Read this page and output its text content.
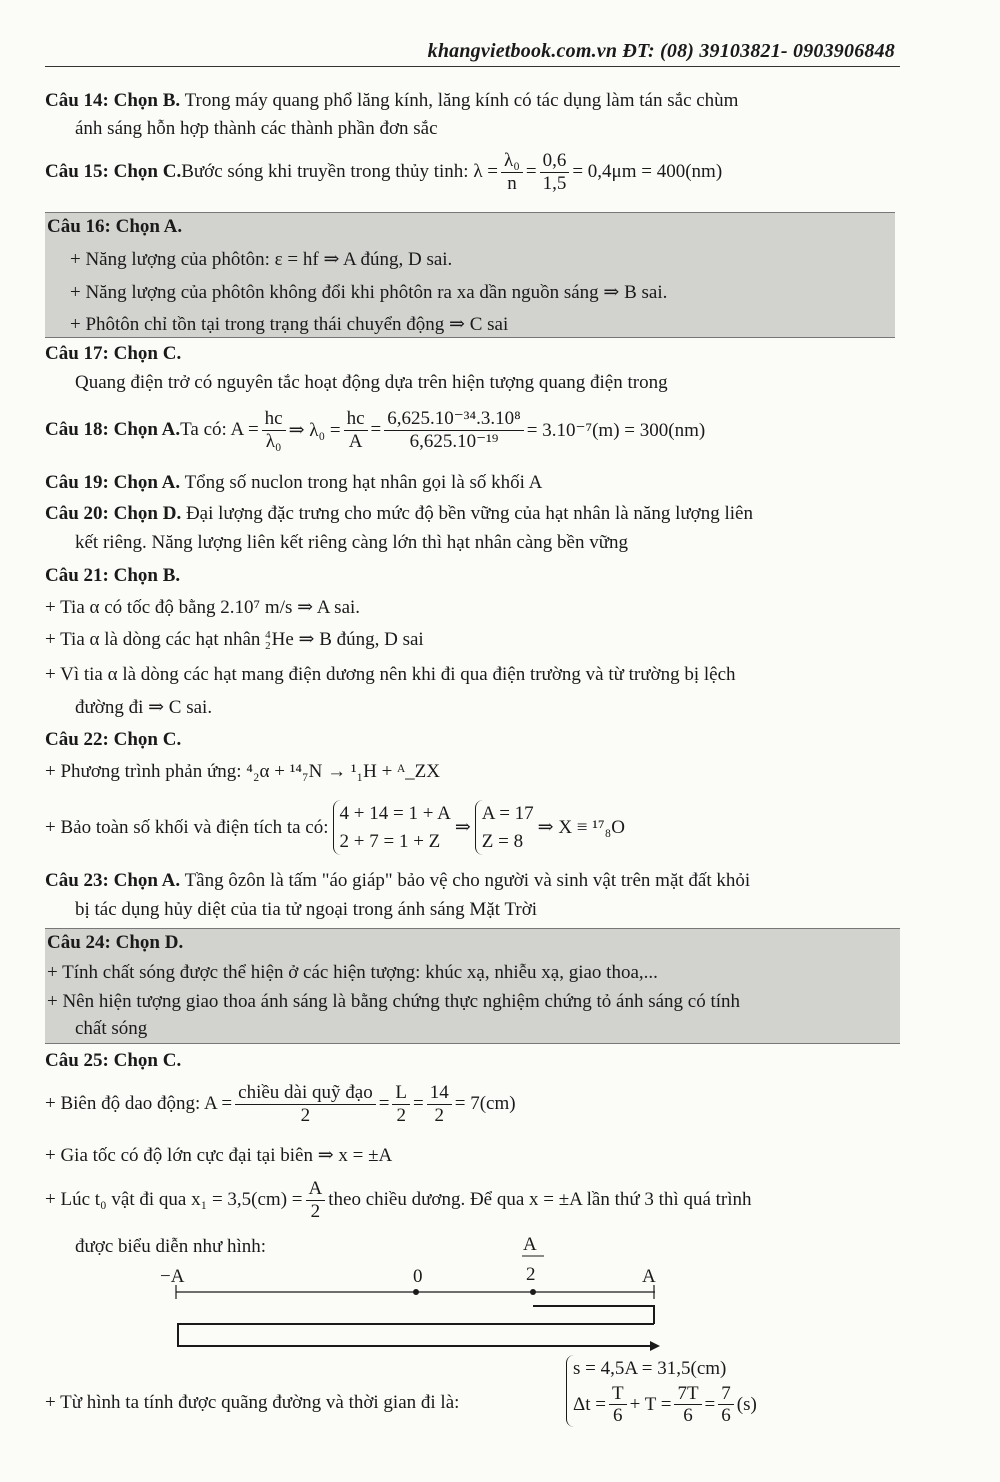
khangvietbook.com.vn ĐT: (08) 39103821- 0903906848
Câu 14: Chọn B. Trong máy quang phổ lăng kính, lăng kính có tác dụng làm tán sắc chùm
ánh sáng hỗn hợp thành các thành phần đơn sắc
Câu 15: Chọn C. Bước sóng khi truyền trong thủy tinh: $\lambda = \frac{\text{λ₀}}{n} = \frac{0,6}{1,5} = 0,4\mu m = 400(nm)$
Câu 16: Chọn A.
+ Năng lượng của phôtôn: ε = hf ⇒ A đúng, D sai.
+ Năng lượng của phôtôn không đổi khi phôtôn ra xa dần nguồn sáng ⇒ B sai.
+ Phôtôn chỉ tồn tại trong trạng thái chuyển động ⇒ C sai
Câu 17: Chọn C.
Quang điện trở có nguyên tắc hoạt động dựa trên hiện tượng quang điện trong
Câu 18: Chọn A. Ta có: $A = \frac{hc}{\text{λ₀}}$ ⇒ $\lambda_0 = \frac{hc}{A} = \frac{\text{6,625.10⁻³⁴.3.10⁸}}{\text{6,625.10⁻¹⁹}} = 3.10^{-7}(m) = 300(nm)$
Câu 19: Chọn A. Tổng số nuclon trong hạt nhân gọi là số khối A
Câu 20: Chọn D. Đại lượng đặc trưng cho mức độ bền vững của hạt nhân là năng lượng liên
kết riêng. Năng lượng liên kết riêng càng lớn thì hạt nhân càng bền vững
Câu 21: Chọn B.
+ Tia α có tốc độ bằng 2.10⁷ m/s ⇒ A sai.
+ Tia α là dòng các hạt nhân 4
2 He ⇒ B đúng, D sai
+ Vì tia α là dòng các hạt mang điện dương nên khi đi qua điện trường và từ trường bị lệch
đường đi ⇒ C sai.
Câu 22: Chọn C.
+ Phương trình phản ứng: ⁴₂α + ¹⁴₇N → ¹₁H + ᴬ_ZX
+ Bảo toàn số khối và điện tích ta có:
4 + 14 = 1 + A
2 + 7 = 1 + Z
⇒
A = 17
Z = 8
⇒ X ≡ ¹⁷₈O
Câu 23: Chọn A. Tầng ôzôn là tấm "áo giáp" bảo vệ cho người và sinh vật trên mặt đất khỏi
bị tác dụng hủy diệt của tia tử ngoại trong ánh sáng Mặt Trời
Câu 24: Chọn D.
+ Tính chất sóng được thể hiện ở các hiện tượng: khúc xạ, nhiễu xạ, giao thoa,...
+ Nên hiện tượng giao thoa ánh sáng là bằng chứng thực nghiệm chứng tỏ ánh sáng có tính
chất sóng
Câu 25: Chọn C.
+ Biên độ dao động: $A = \frac{\text{chiều dài quỹ đạo}}{2} = \frac{L}{2} = \frac{14}{2} = 7(cm)$
+ Gia tốc có độ lớn cực đại tại biên ⇒ x = ±A
+ Lúc t₀ vật đi qua $x_1 = 3,5(cm) = \frac{A}{2}$ theo chiều dương. Để qua x = ±A lần thứ 3 thì quá trình
được biểu diễn như hình:
−A	0
A
2	A
+ Từ hình ta tính được quãng đường và thời gian đi là:
s = 4,5A = 31,5(cm)
$\Delta t = \frac{T}{6} + T = \frac{7T}{6} = \frac{7}{6} (s)$
